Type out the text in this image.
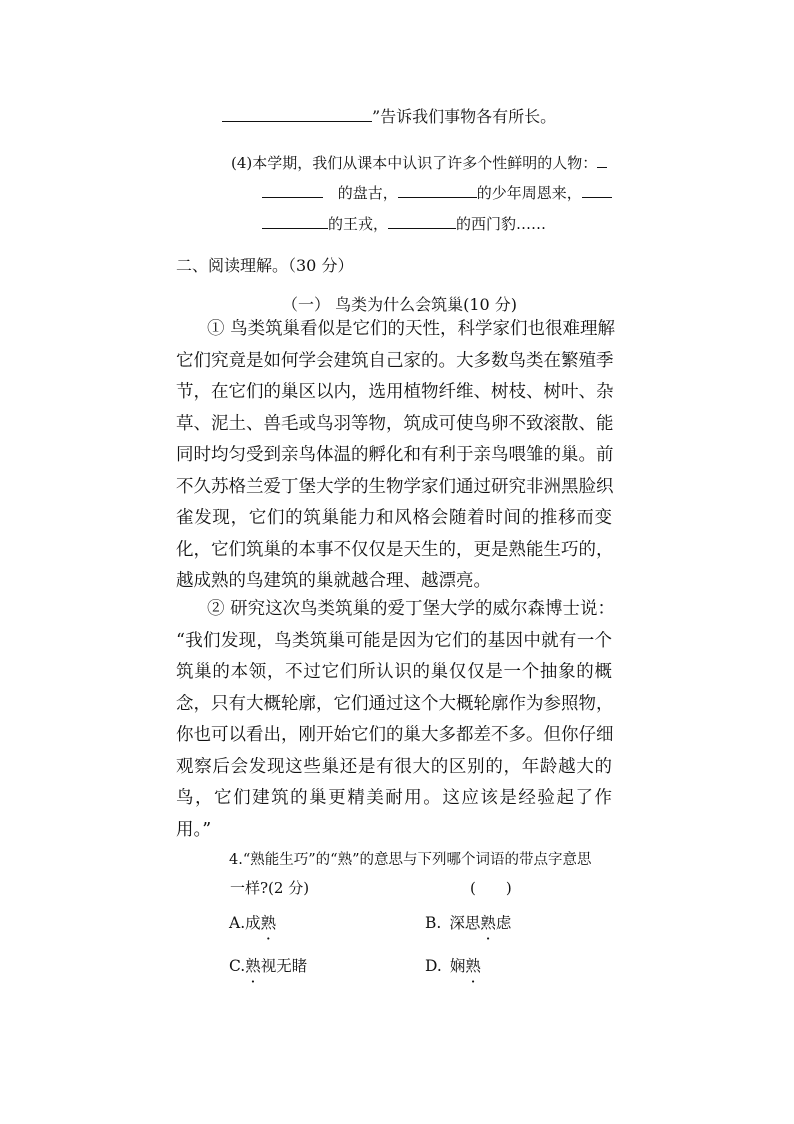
”告诉我们事物各有所长。
(4)本学期，我们从课本中认识了许多个性鲜明的人物：
的盘古，	的少年周恩来，
的王戎，	的西门豹……
二、阅读理解。（30 分）
（一） 鸟类为什么会筑巢(10 分)
① 鸟类筑巢看似是它们的天性，科学家们也很难理解
它们究竟是如何学会建筑自己家的。大多数鸟类在繁殖季
节，在它们的巢区以内，选用植物纤维、树枝、树叶、杂
草、泥土、兽毛或鸟羽等物，筑成可使鸟卵不致滚散、能
同时均匀受到亲鸟体温的孵化和有利于亲鸟喂雏的巢。前
不久苏格兰爱丁堡大学的生物学家们通过研究非洲黑脸织
雀发现，它们的筑巢能力和风格会随着时间的推移而变
化，它们筑巢的本事不仅仅是天生的，更是熟能生巧的，
越成熟的鸟建筑的巢就越合理、越漂亮。
② 研究这次鸟类筑巢的爱丁堡大学的威尔森博士说：
“我们发现，鸟类筑巢可能是因为它们的基因中就有一个
筑巢的本领，不过它们所认识的巢仅仅是一个抽象的概
念，只有大概轮廓，它们通过这个大概轮廓作为参照物，
你也可以看出，刚开始它们的巢大多都差不多。但你仔细
观察后会发现这些巢还是有很大的区别的，年龄越大的
鸟，它们建筑的巢更精美耐用。这应该是经验起了作
用。”
4.“熟能生巧”的“熟”的意思与下列哪个词语的带点字意思
一样?(2 分)	(　　)
A.成熟	B. 深思熟虑
C.熟视无睹	D. 娴熟
